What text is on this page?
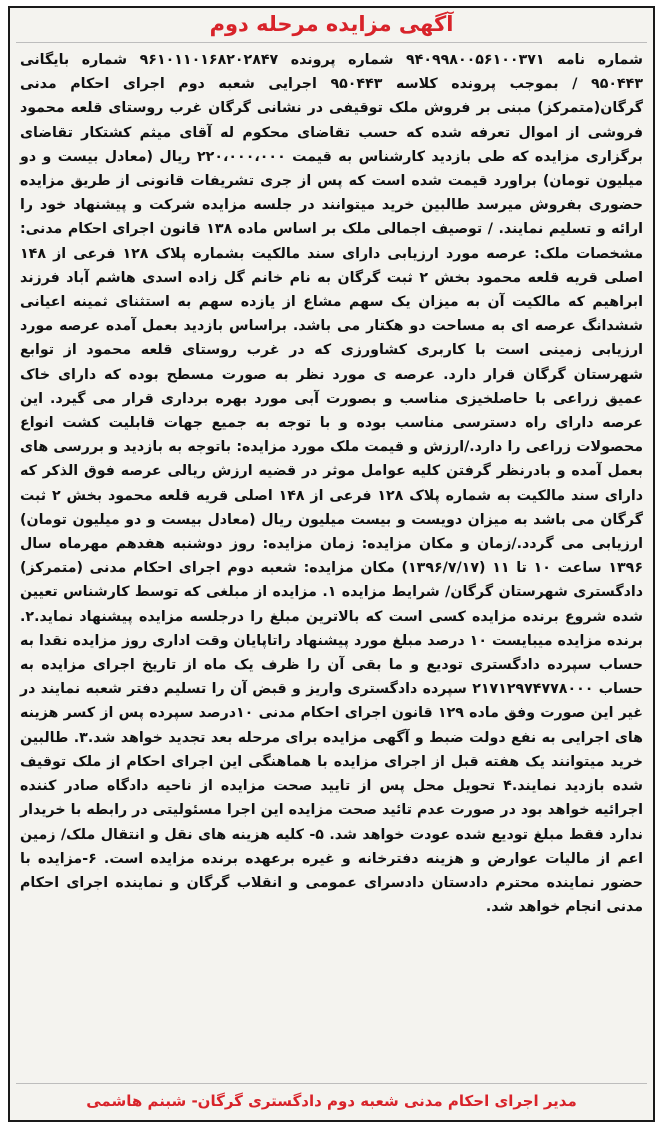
آگهی مزایده مرحله دوم
شماره نامه ۹۴۰۹۹۸۰۰۵۶۱۰۰۳۷۱ شماره پرونده ۹۶۱۰۱۱۰۱۶۸۲۰۲۸۴۷ شماره بایگانی ۹۵۰۴۴۳ / بموجب پرونده کلاسه ۹۵۰۴۴۳ اجرایی شعبه دوم اجرای احکام مدنی گرگان(متمرکز) مبنی بر فروش ملک توقیفی در نشانی گرگان غرب روستای قلعه محمود فروشی از اموال تعرفه شده که حسب تقاضای محکوم له آقای میثم کشتکار تقاضای برگزاری مزایده که طی بازدید کارشناس به قیمت ۲۲۰،۰۰۰،۰۰۰ ریال (معادل بیست و دو میلیون تومان) براورد قیمت شده است که پس از جری تشریفات قانونی از طریق مزایده حضوری بفروش میرسد طالبین خرید میتوانند در جلسه مزایده شرکت و پیشنهاد خود را ارائه و تسلیم نمایند. / توصیف اجمالی ملک بر اساس ماده ۱۳۸ قانون اجرای احکام مدنی: مشخصات ملک: عرصه مورد ارزیابی دارای سند مالکیت بشماره پلاک ۱۲۸ فرعی از ۱۴۸ اصلی قریه قلعه محمود بخش ۲ ثبت گرگان به نام خانم گل زاده اسدی هاشم آباد فرزند ابراهیم که مالکیت آن به میزان یک سهم مشاع از یازده سهم به استثنای ثمینه اعیانی ششدانگ عرصه ای به مساحت دو هکتار می باشد. براساس بازدید بعمل آمده عرصه مورد ارزیابی زمینی است با کاربری کشاورزی که در غرب روستای قلعه محمود از توابع شهرستان گرگان قرار دارد. عرصه ی مورد نظر به صورت مسطح بوده که دارای خاک عمیق زراعی با حاصلخیزی مناسب و بصورت آبی مورد بهره برداری قرار می گیرد. این عرصه دارای راه دسترسی مناسب بوده و با توجه به جمیع جهات قابلیت کشت انواع محصولات زراعی را دارد./ارزش و قیمت ملک مورد مزایده: باتوجه به بازدید و بررسی های بعمل آمده و بادرنظر گرفتن کلیه عوامل موثر در قضیه ارزش ریالی عرصه فوق الذکر که دارای سند مالکیت به شماره پلاک ۱۲۸ فرعی از ۱۴۸ اصلی قریه قلعه محمود بخش ۲ ثبت گرگان می باشد به میزان دویست و بیست میلیون ریال (معادل بیست و دو میلیون تومان) ارزیابی می گردد./زمان و مکان مزایده: زمان مزایده: روز دوشنبه هفدهم مهرماه سال ۱۳۹۶ ساعت ۱۰ تا ۱۱ (۱۳۹۶/۷/۱۷) مکان مزایده: شعبه دوم اجرای احکام مدنی (متمرکز) دادگستری شهرستان گرگان/ شرایط مزایده ۱. مزایده از مبلغی که توسط کارشناس تعیین شده شروع برنده مزایده کسی است که بالاترین مبلغ را درجلسه مزایده پیشنهاد نماید.۲. برنده مزایده میبایست ۱۰ درصد مبلغ مورد پیشنهاد راتاپایان وقت اداری روز مزایده نقدا به حساب سپرده دادگستری تودیع و ما بقی آن را ظرف یک ماه از تاریخ اجرای مزایده به حساب ۲۱۷۱۲۹۷۴۷۷۸۰۰۰ سپرده دادگستری واریز و قبض آن را تسلیم دفتر شعبه نمایند در غیر این صورت وفق ماده ۱۲۹ قانون اجرای احکام مدنی ۱۰درصد سپرده پس از کسر هزینه های اجرایی به نفع دولت ضبط و آگهی مزایده برای مرحله بعد تجدید خواهد شد.۳. طالبین خرید میتوانند یک هفته قبل از اجرای مزایده با هماهنگی این اجرای احکام از ملک توقیف شده بازدید نمایند.۴ تحویل محل پس از تایید صحت مزایده از ناحیه دادگاه صادر کننده اجرائیه خواهد بود در صورت عدم تائید صحت مزایده این اجرا مسئولیتی در رابطه با خریدار ندارد فقط مبلغ تودیع شده عودت خواهد شد. ۵- کلیه هزینه های نقل و انتقال ملک/ زمین اعم از مالیات عوارض و هزینه دفترخانه و غیره برعهده برنده مزایده است. ۶-مزایده با حضور نماینده محترم دادستان دادسرای عمومی و انقلاب گرگان و نماینده اجرای احکام مدنی انجام خواهد شد.
مدیر اجرای احکام مدنی شعبه دوم دادگستری گرگان- شبنم هاشمی
